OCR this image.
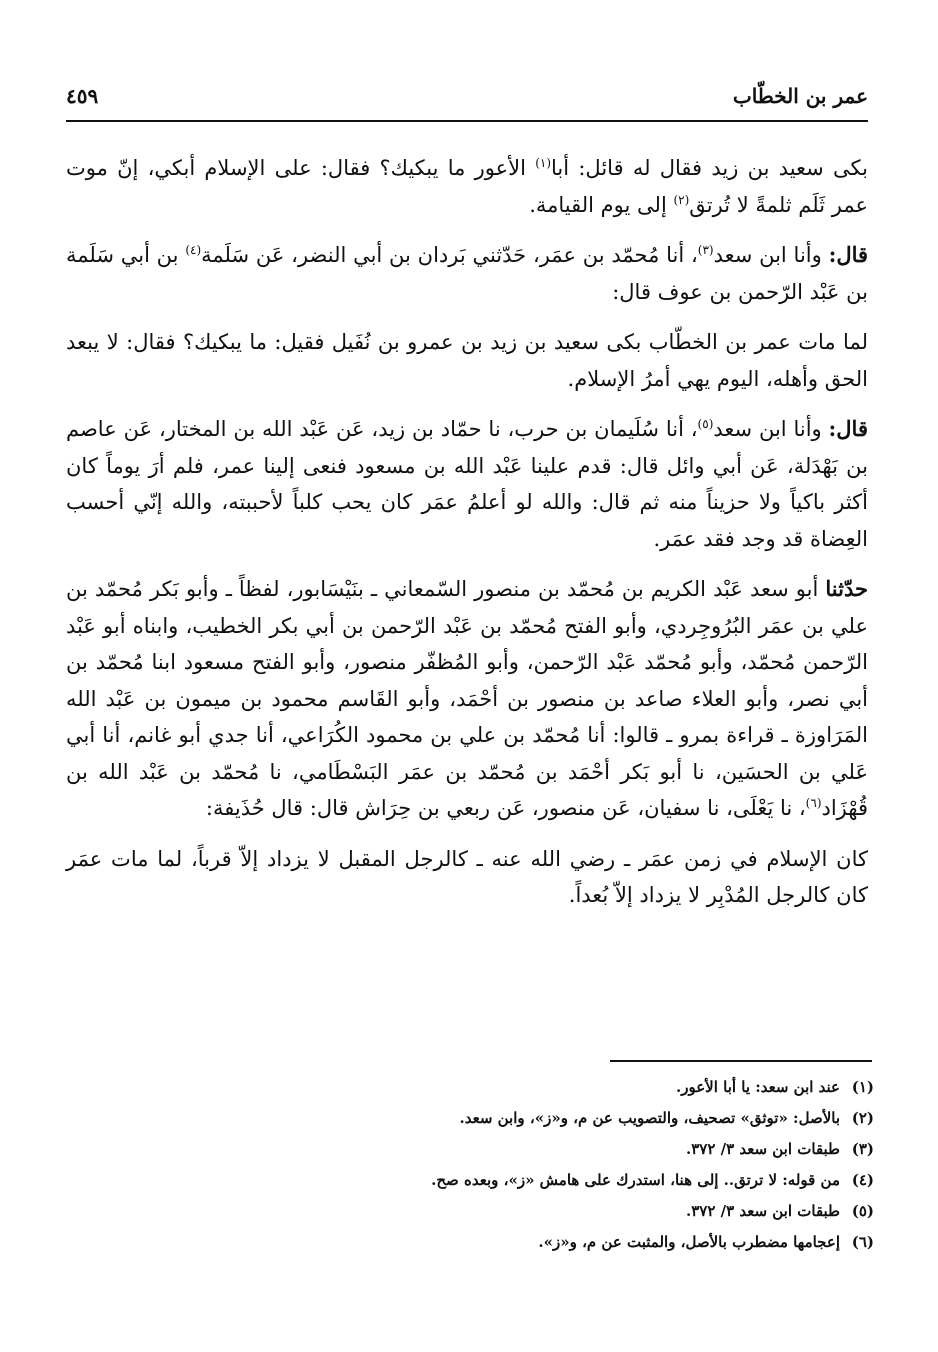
عمر بن الخطّاب
٤٥٩

بكى سعيد بن زيد فقال له قائل: أبا$^{(١)}$ الأعور ما يبكيك؟ فقال: على الإسلام أبكي، إنّ موت عمر ثَلَم ثلمةً لا تُرتق$^{(٢)}$ إلى يوم القيامة.

قال: وأنا ابن سعد$^{(٣)}$، أنا مُحمّد بن عمَر، حَدّثني بَردان بن أبي النضر، عَن سَلَمة$^{(٤)}$ بن أبي سَلَمة بن عَبْد الرّحمن بن عوف قال:

لما مات عمر بن الخطّاب بكى سعيد بن زيد بن عمرو بن نُفَيل فقيل: ما يبكيك؟ فقال: لا يبعد الحق وأهله، اليوم يهي أمرُ الإسلام.

قال: وأنا ابن سعد$^{(٥)}$، أنا سُلَيمان بن حرب، نا حمّاد بن زيد، عَن عَبْد الله بن المختار، عَن عاصم بن بَهْدَلة، عَن أبي وائل قال: قدم علينا عَبْد الله بن مسعود فنعى إلينا عمر، فلم أرَ يوماً كان أكثر باكياً ولا حزيناً منه ثم قال: والله لو أعلمُ عمَر كان يحب كلباً لأحببته، والله إنّي أحسب العِضاة قد وجد فقد عمَر.

حدّثنا أبو سعد عَبْد الكريم بن مُحمّد بن منصور السّمعاني ـ بنَيْسَابور، لفظاً ـ وأبو بَكر مُحمّد بن علي بن عمَر البُرُوجِردي، وأبو الفتح مُحمّد بن عَبْد الرّحمن بن أبي بكر الخطيب، وابناه أبو عَبْد الرّحمن مُحمّد، وأبو مُحمّد عَبْد الرّحمن، وأبو المُظفّر منصور، وأبو الفتح مسعود ابنا مُحمّد بن أبي نصر، وأبو العلاء صاعد بن منصور بن أحْمَد، وأبو القَاسم محمود بن ميمون بن عَبْد الله المَرَاوزة ـ قراءة بمرو ـ قالوا: أنا مُحمّد بن علي بن محمود الكُرَاعي، أنا جدي أبو غانم، أنا أبي عَلي بن الحسَين، نا أبو بَكر أحْمَد بن مُحمّد بن عمَر البَسْطَامي، نا مُحمّد بن عَبْد الله بن قُهْزَاد$^{(٦)}$، نا يَعْلَى، نا سفيان، عَن منصور، عَن ربعي بن حِرَاش قال: قال حُذَيفة:

كان الإسلام في زمن عمَر ـ رضي الله عنه ـ كالرجل المقبل لا يزداد إلاّ قرباً، لما مات عمَر كان كالرجل المُدْبِر لا يزداد إلاّ بُعداً.

(١)عند ابن سعد: يا أبا الأعور.
(٢)بالأصل: «توثق» تصحيف، والتصويب عن م، و«ز»، وابن سعد.
(٣)طبقات ابن سعد ٣/ ٣٧٢.
(٤)من قوله: لا ترتق.. إلى هنا، استدرك على هامش «ز»، وبعده صح.
(٥)طبقات ابن سعد ٣/ ٣٧٢.
(٦)إعجامها مضطرب بالأصل، والمثبت عن م، و«ز».
